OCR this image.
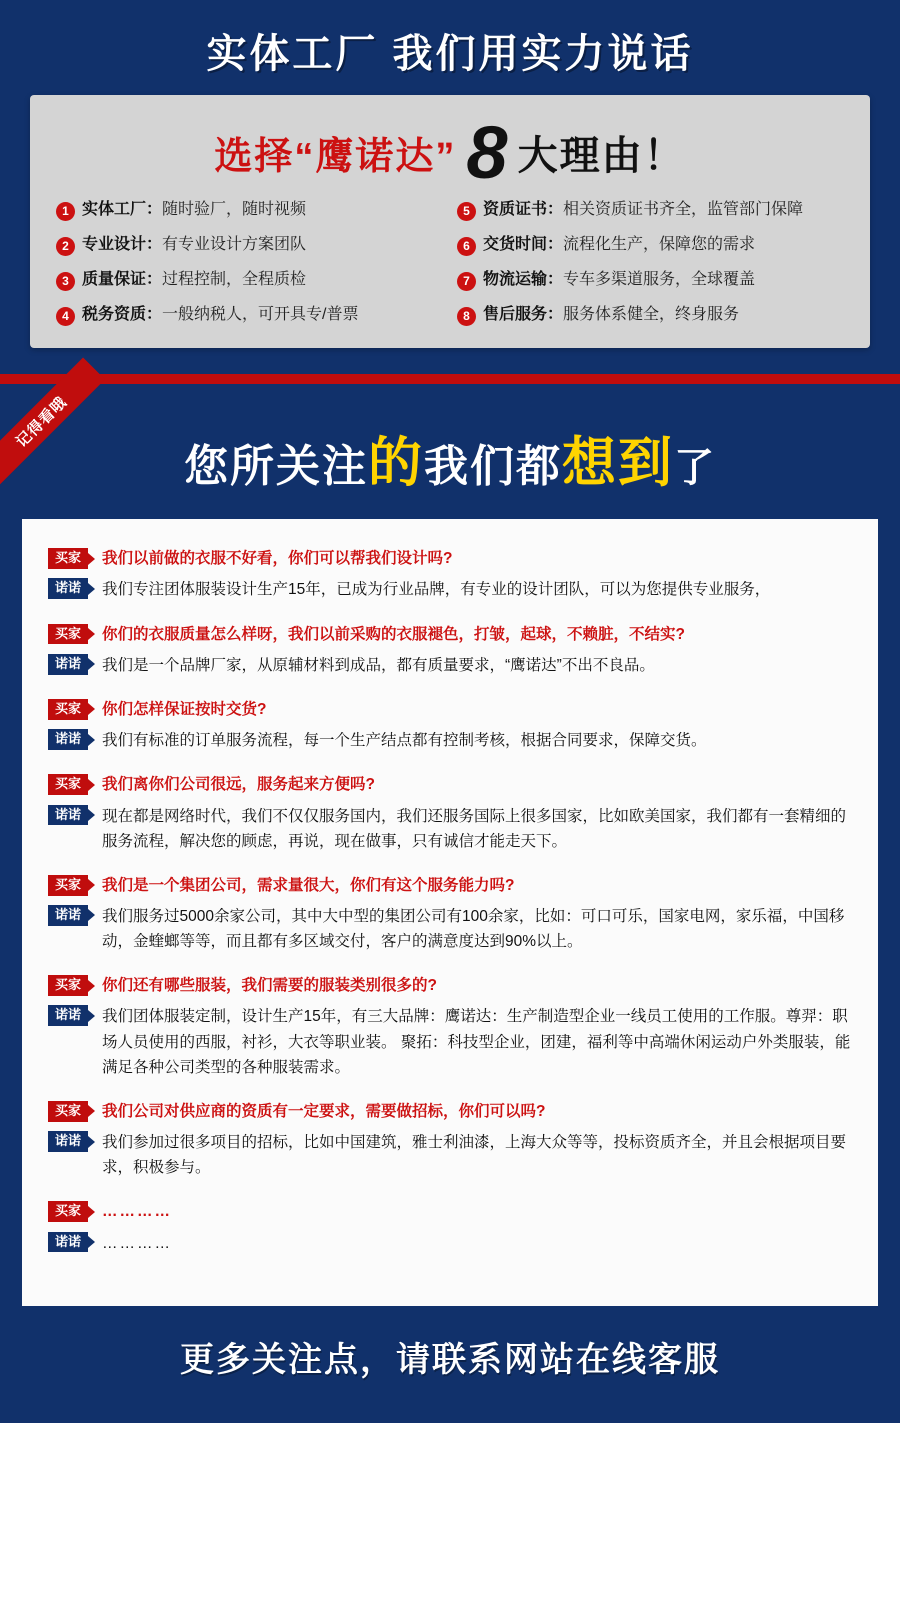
实体工厂 我们用实力说话
选择“鹰诺达” 8 大理由！
1 实体工厂：随时验厂，随时视频	5 资质证书：相关资质证书齐全，监管部门保障
2 专业设计：有专业设计方案团队	6 交货时间：流程化生产，保障您的需求
3 质量保证：过程控制，全程质检	7 物流运输：专车多渠道服务，全球覆盖
4 税务资质：一般纳税人，可开具专/普票	8 售后服务：服务体系健全，终身服务
记得看哦
您所关注 的 我们都 想到 了
买家	我们以前做的衣服不好看，你们可以帮我们设计吗?
诺诺	我们专注团体服装设计生产15年，已成为行业品牌，有专业的设计团队，可以为您提供专业服务，
买家	你们的衣服质量怎么样呀，我们以前采购的衣服褪色，打皱，起球，不赖脏，不结实?
诺诺	我们是一个品牌厂家，从原辅材料到成品，都有质量要求，“鹰诺达”不出不良品。
买家	你们怎样保证按时交货?
诺诺	我们有标准的订单服务流程，每一个生产结点都有控制考核，根据合同要求，保障交货。
买家	我们离你们公司很远，服务起来方便吗?
诺诺	现在都是网络时代，我们不仅仅服务国内，我们还服务国际上很多国家，比如欧美国家，我们都有一套精细的服务流程，解决您的顾虑，再说，现在做事，只有诚信才能走天下。
买家	我们是一个集团公司，需求量很大，你们有这个服务能力吗?
诺诺	我们服务过5000余家公司，其中大中型的集团公司有100余家，比如：可口可乐，国家电网，家乐福，中国移动，金蝰螂等等，而且都有多区域交付，客户的满意度达到90%以上。
买家	你们还有哪些服装，我们需要的服装类别很多的?
诺诺	我们团体服装定制，设计生产15年，有三大品牌：鹰诺达：生产制造型企业一线员工使用的工作服。尊羿：职场人员使用的西服，衬衫，大衣等职业装。 聚拓：科技型企业，团建，福利等中高端休闲运动户外类服装，能满足各种公司类型的各种服装需求。
买家	我们公司对供应商的资质有一定要求，需要做招标，你们可以吗?
诺诺	我们参加过很多项目的招标，比如中国建筑，雅士利油漆，上海大众等等，投标资质齐全，并且会根据项目要求，积极参与。
买家	…………
诺诺	…………
更多关注点，请联系网站在线客服
